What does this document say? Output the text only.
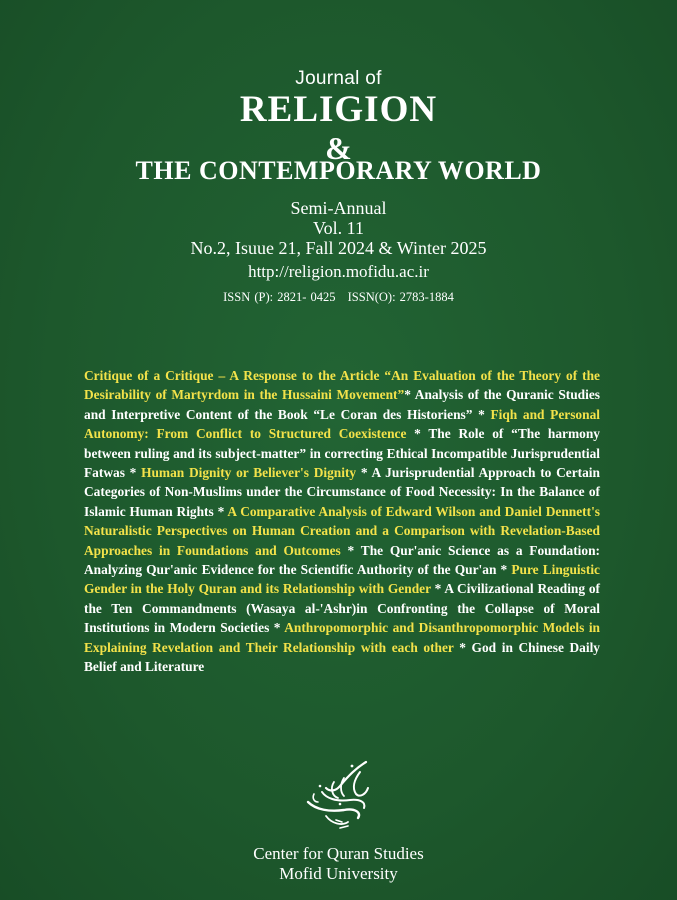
Journal of
RELIGION
&
THE CONTEMPORARY WORLD
Semi-Annual
Vol. 11
No.2, Isuue 21, Fall 2024 & Winter 2025
http://religion.mofidu.ac.ir
ISSN (P): 2821- 0425 ISSN(O): 2783-1884
Critique of a Critique – A Response to the Article “An Evaluation of the Theory of the Desirability of Martyrdom in the Hussaini Movement”* Analysis of the Quranic Studies and Interpretive Content of the Book “Le Coran des Historiens” * Fiqh and Personal Autonomy: From Conflict to Structured Coexistence * The Role of “The harmony between ruling and its subject-matter” in correcting Ethical Incompatible Jurisprudential Fatwas * Human Dignity or Believer's Dignity * A Jurisprudential Approach to Certain Categories of Non-Muslims under the Circumstance of Food Necessity: In the Balance of Islamic Human Rights * A Comparative Analysis of Edward Wilson and Daniel Dennett's Naturalistic Perspectives on Human Creation and a Comparison with Revelation-Based Approaches in Foundations and Outcomes * The Qur'anic Science as a Foundation: Analyzing Qur'anic Evidence for the Scientific Authority of the Qur'an * Pure Linguistic Gender in the Holy Quran and its Relationship with Gender * A Civilizational Reading of the Ten Commandments (Wasaya al-'Ashr)in Confronting the Collapse of Moral Institutions in Modern Societies * Anthropomorphic and Disanthropomorphic Models in Explaining Revelation and Their Relationship with each other * God in Chinese Daily Belief and Literature
Center for Quran Studies
Mofid University
